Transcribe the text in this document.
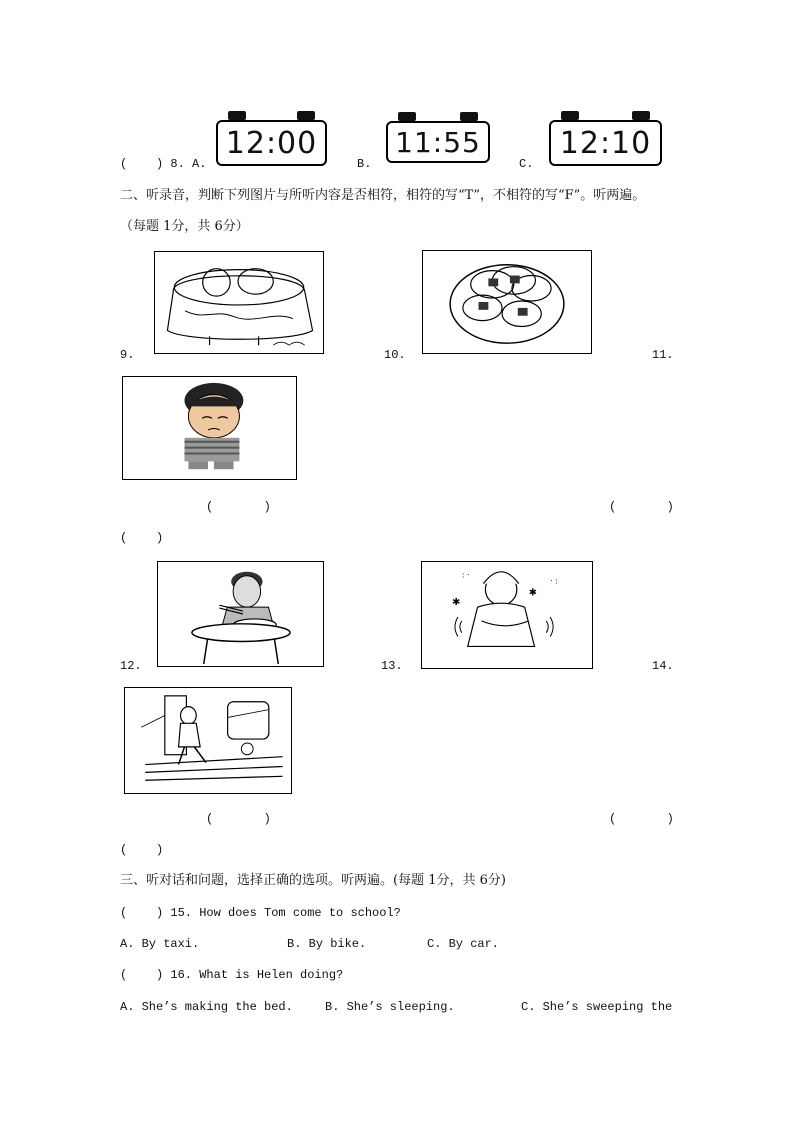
(    ) 8. A.
12:00
B.
11:55
C.
12:10
二、听录音，判断下列图片与所听内容是否相符，相符的写“T”，不相符的写“F”。听两遍。
（每题 1分，共 6分）
9.	10.	11.
(       )	(       )
(    )
12.
✱
✱
· :
: ·
13.	14.
(       )	(       )
(    )
三、听对话和问题，选择正确的选项。听两遍。(每题 1分，共 6分)
(    ) 15. How does Tom come to school?
A. By taxi.	B. By bike.	C. By car.
(    ) 16. What is Helen doing?
A. She’s making the bed.	B. She’s sleeping.	C. She’s sweeping the
